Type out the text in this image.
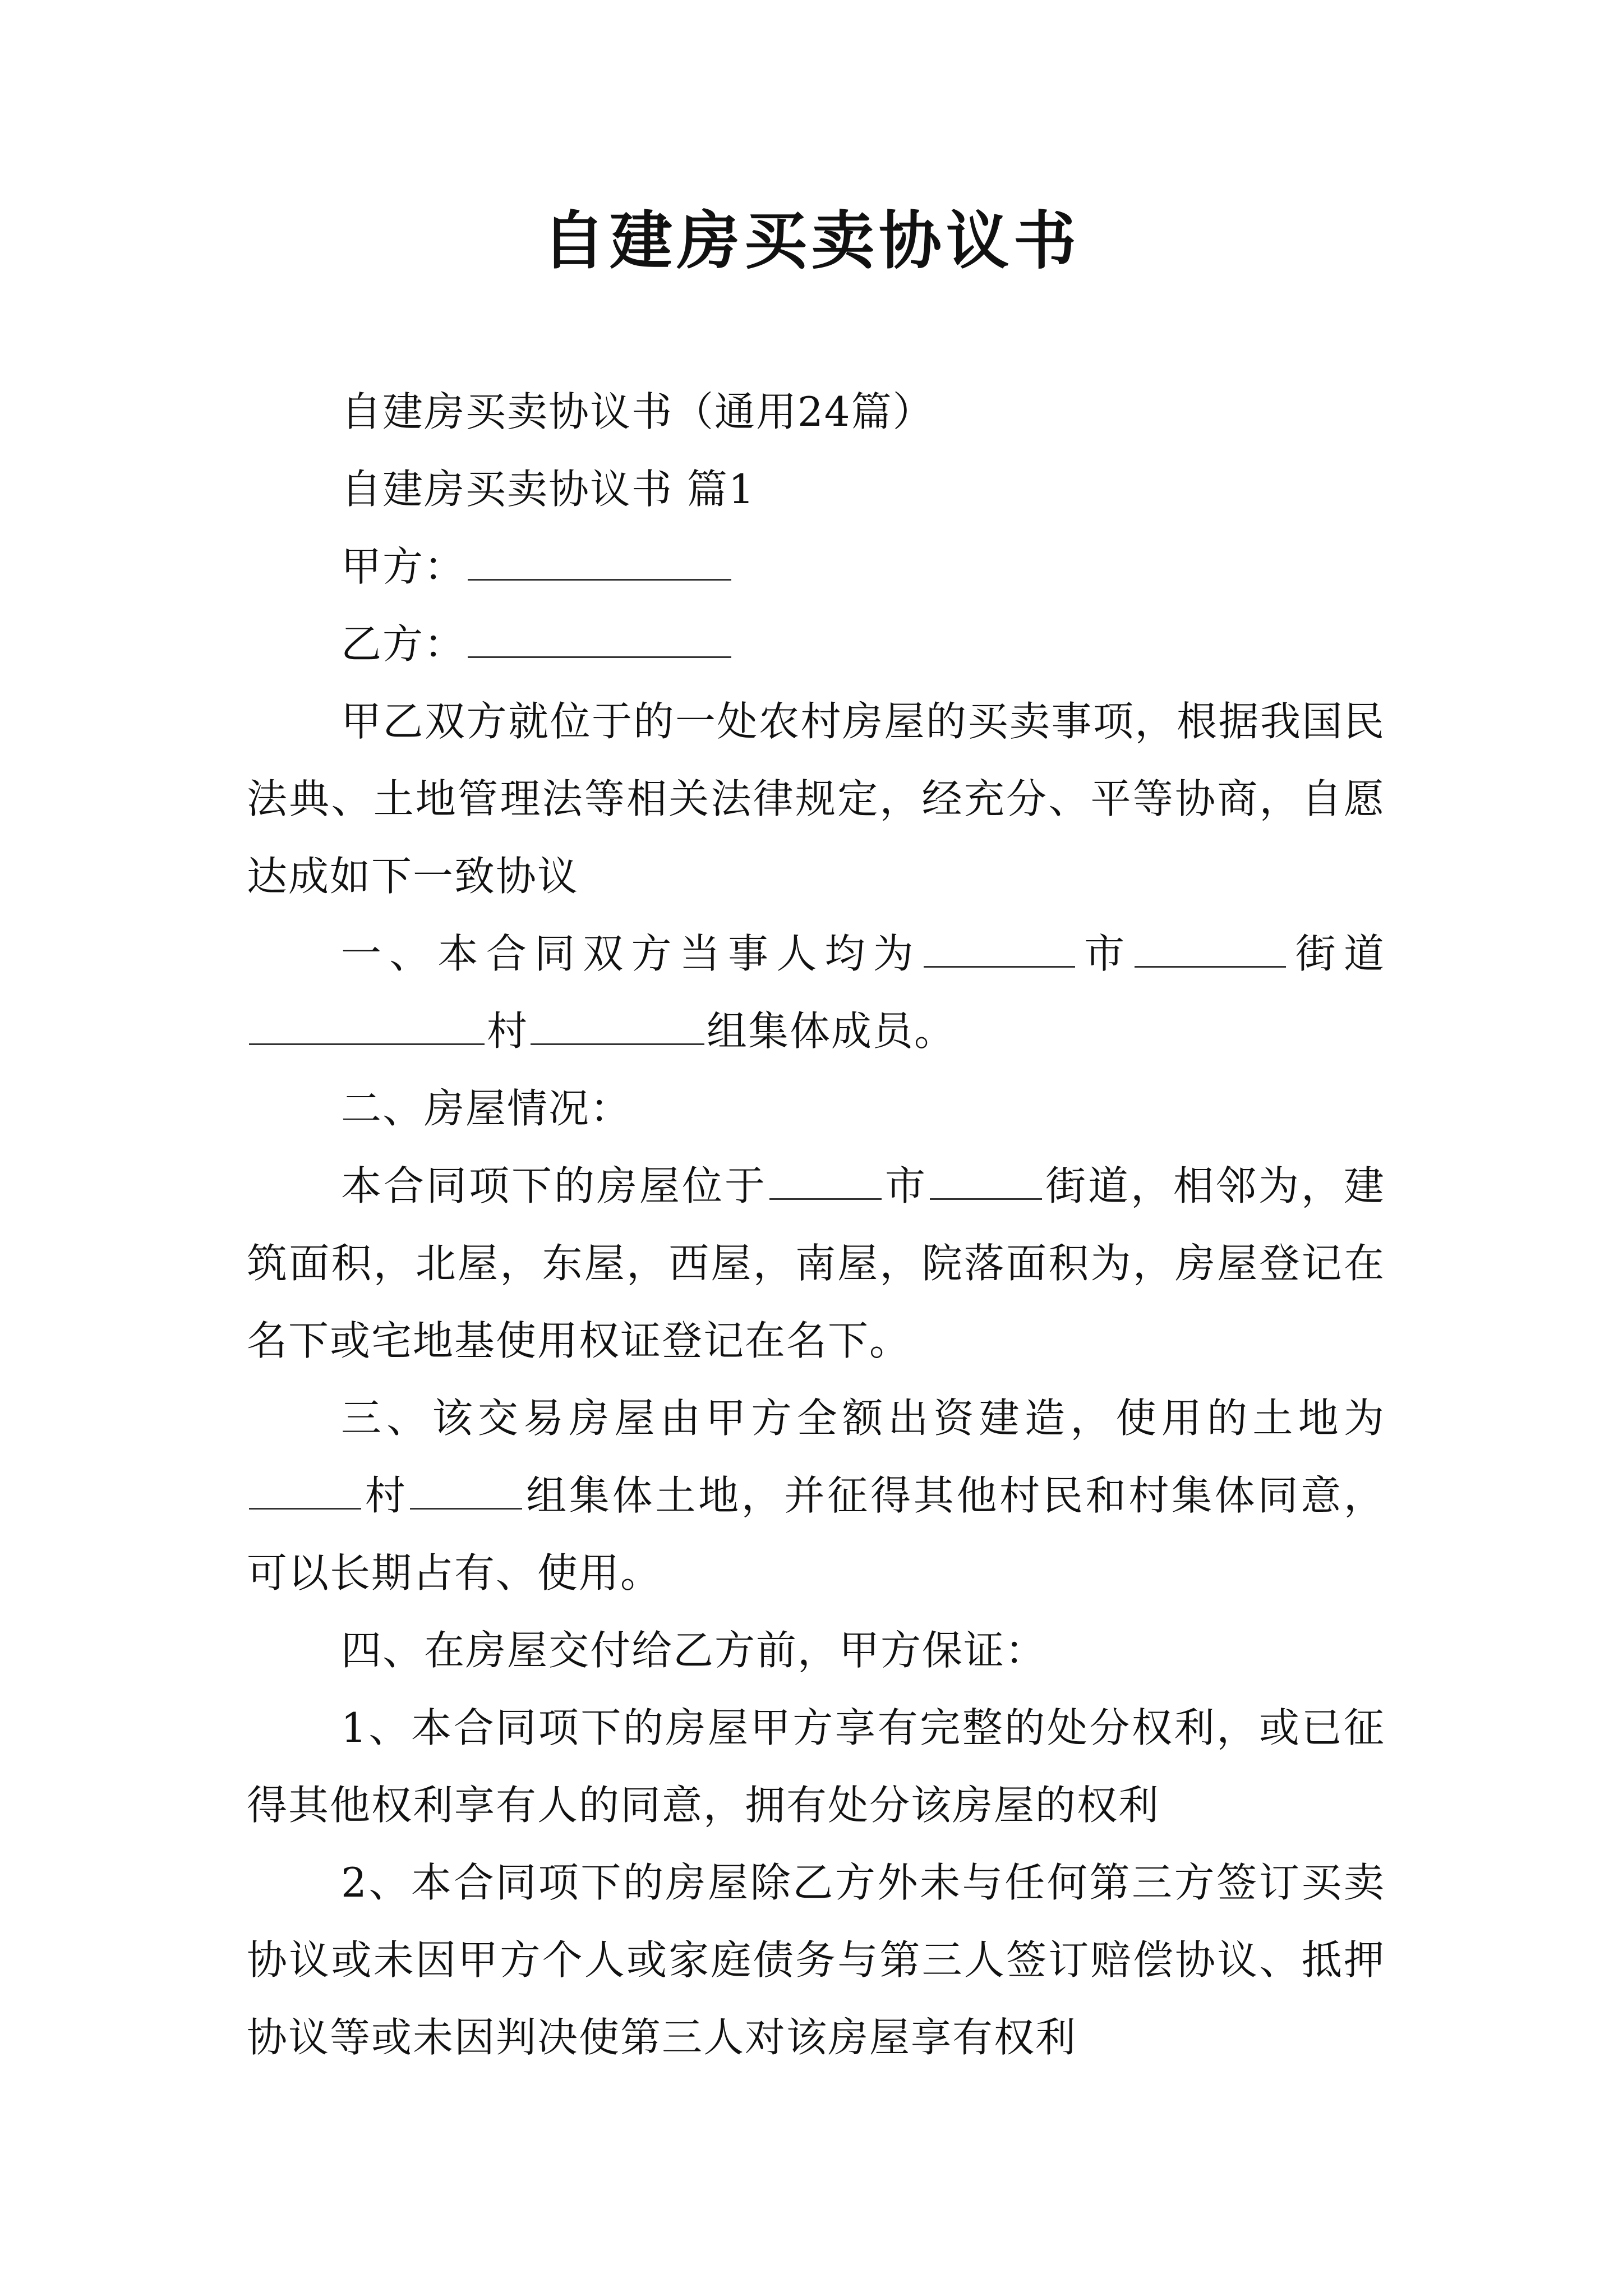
自建房买卖协议书

自建房买卖协议书（通用24篇）

自建房买卖协议书 篇1

甲方：

乙方：

甲乙双方就位于的一处农村房屋的买卖事项，根据我国民法典、土地管理法等相关法律规定，经充分、平等协商，自愿达成如下一致协议

一、本合同双方当事人均为	市	街道村	组集体成员。

二、房屋情况：

本合同项下的房屋位于	市	街道，相邻为，建筑面积，北屋，东屋，西屋，南屋，院落面积为，房屋登记在名下或宅地基使用权证登记在名下。

三、该交易房屋由甲方全额出资建造，使用的土地为村	组集体土地，并征得其他村民和村集体同意，可以长期占有、使用。

四、在房屋交付给乙方前，甲方保证：

1、本合同项下的房屋甲方享有完整的处分权利，或已征得其他权利享有人的同意，拥有处分该房屋的权利

2、本合同项下的房屋除乙方外未与任何第三方签订买卖协议或未因甲方个人或家庭债务与第三人签订赔偿协议、抵押协议等或未因判决使第三人对该房屋享有权利
